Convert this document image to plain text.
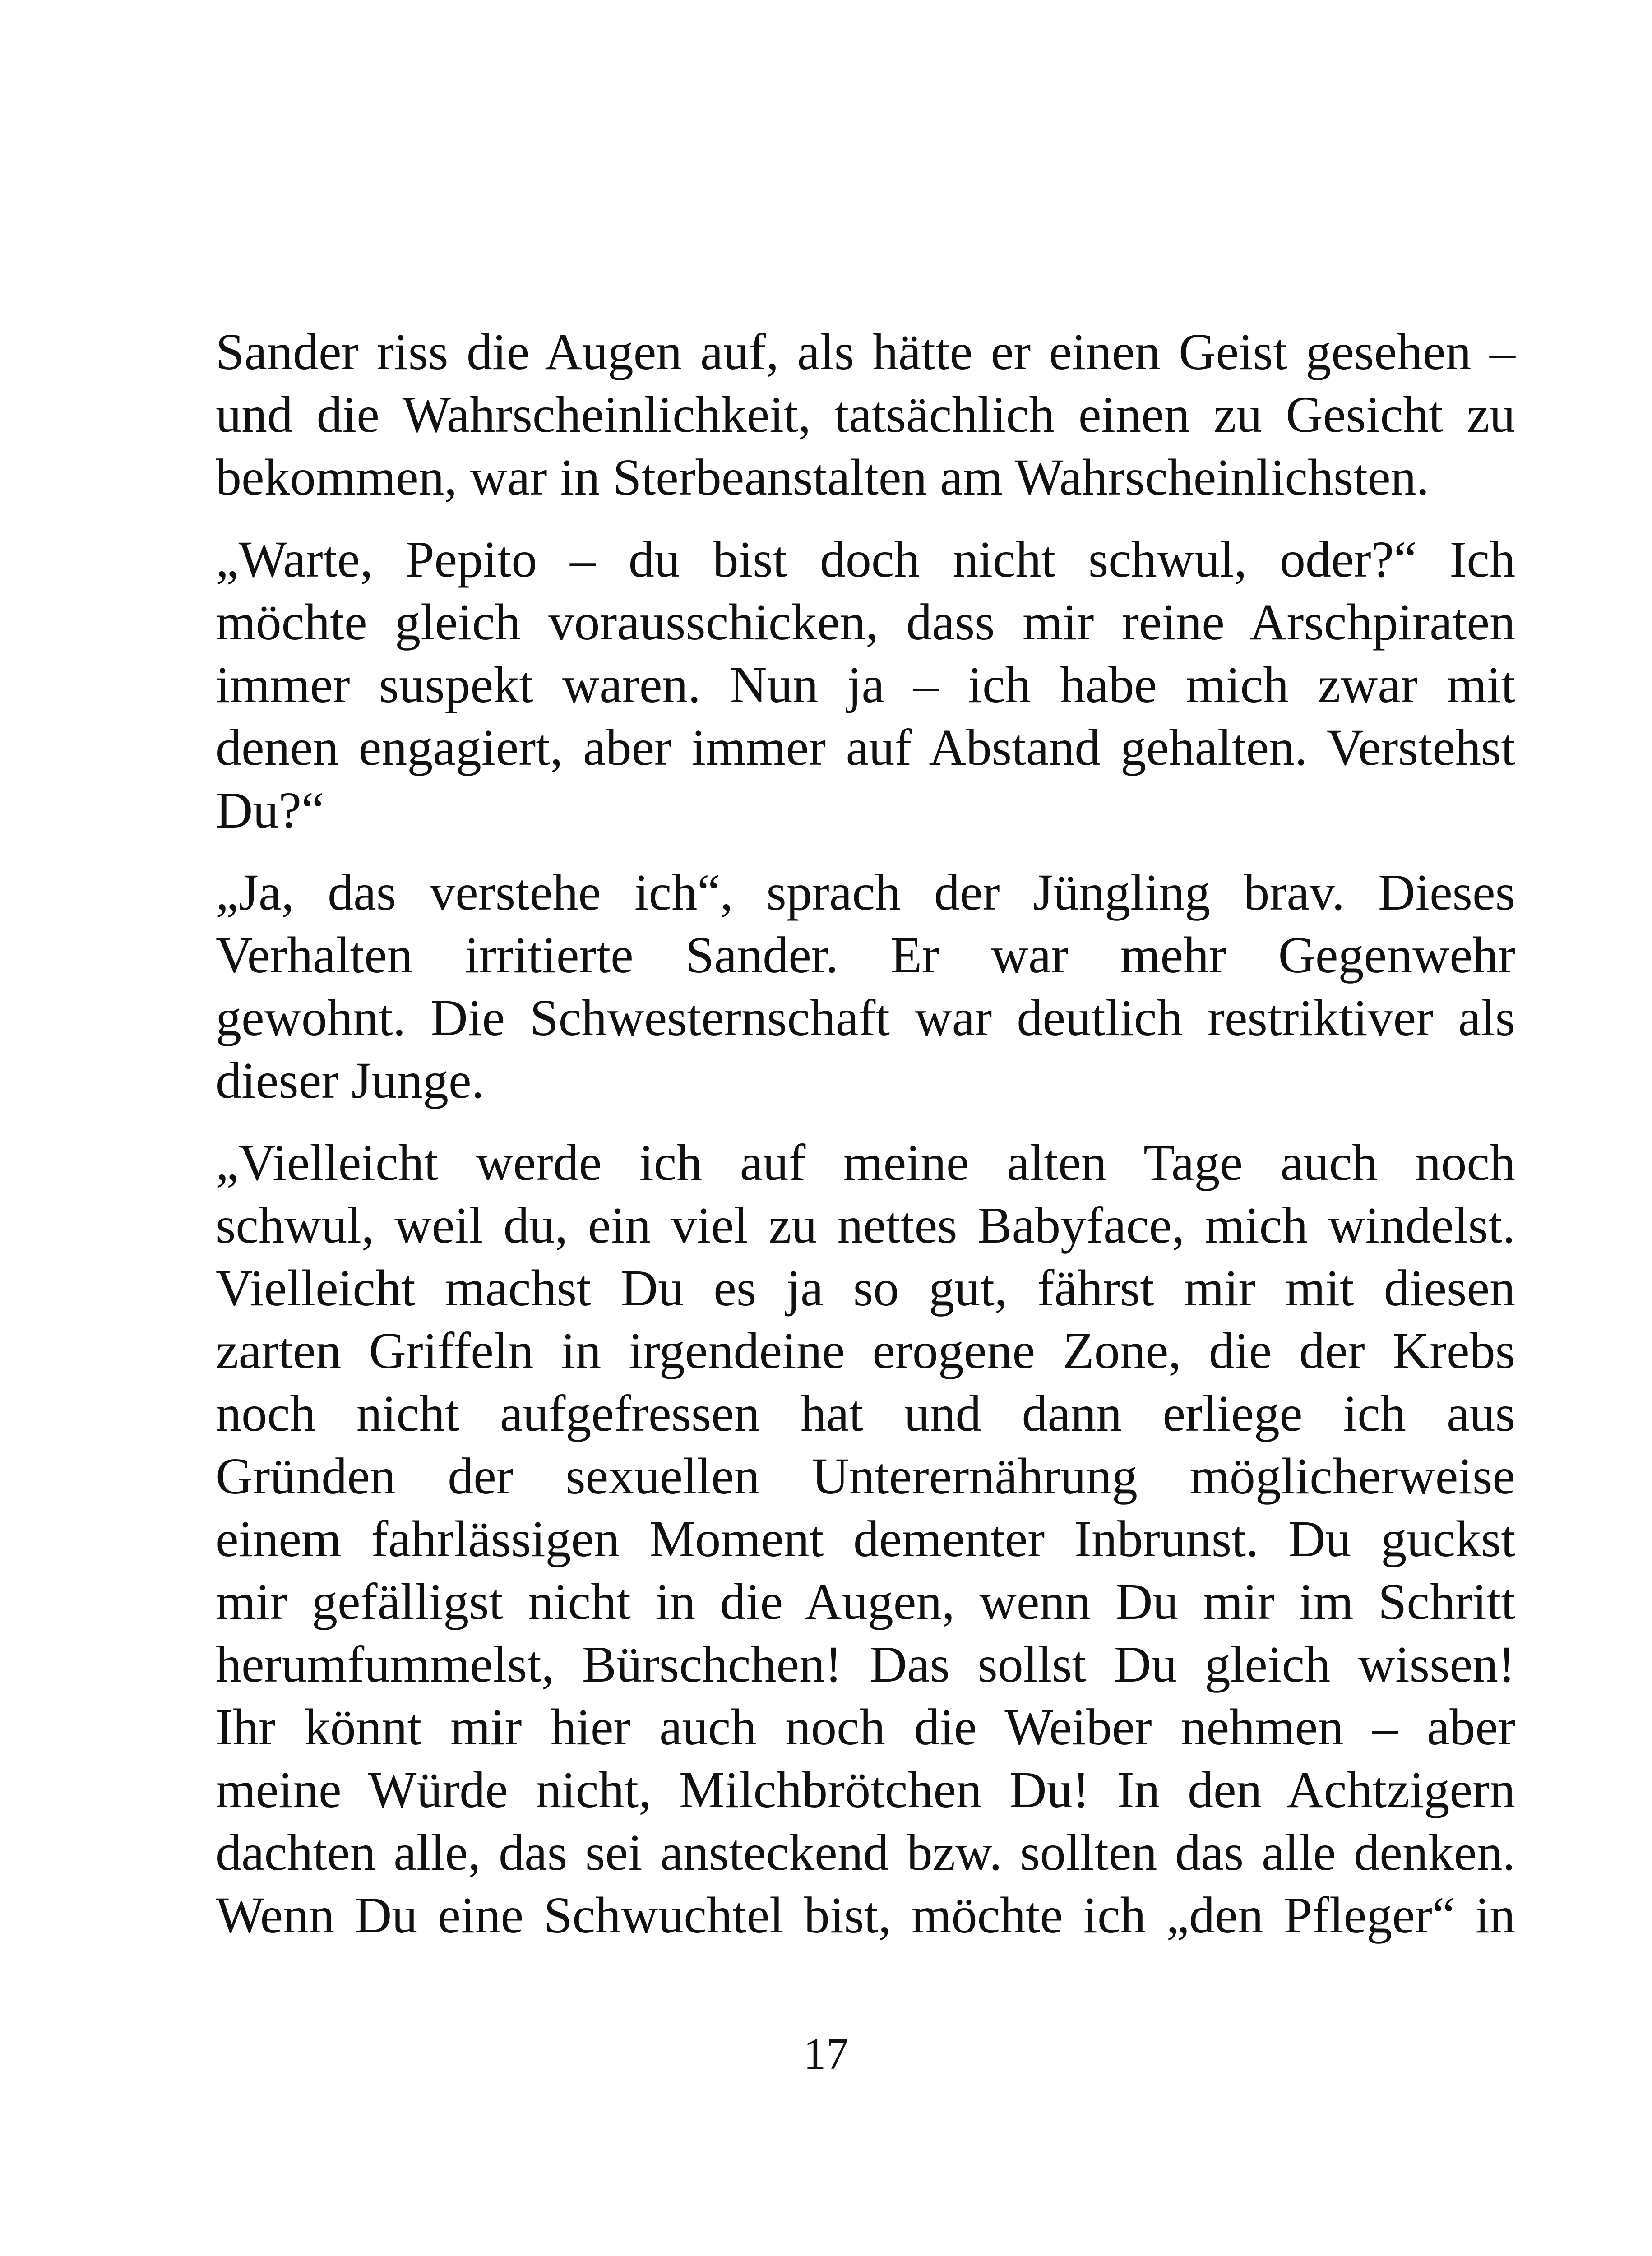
Sander riss die Augen auf, als hätte er einen Geist gesehen –
und die Wahrscheinlichkeit, tatsächlich einen zu Gesicht zu
bekommen, war in Sterbeanstalten am Wahrscheinlichsten.
„Warte, Pepito – du bist doch nicht schwul, oder?“ Ich
möchte gleich vorausschicken, dass mir reine Arschpiraten
immer suspekt waren. Nun ja – ich habe mich zwar mit
denen engagiert, aber immer auf Abstand gehalten. Verstehst
Du?“
„Ja, das verstehe ich“, sprach der Jüngling brav. Dieses
Verhalten irritierte Sander. Er war mehr Gegenwehr
gewohnt. Die Schwesternschaft war deutlich restriktiver als
dieser Junge.
„Vielleicht werde ich auf meine alten Tage auch noch
schwul, weil du, ein viel zu nettes Babyface, mich windelst.
Vielleicht machst Du es ja so gut, fährst mir mit diesen
zarten Griffeln in irgendeine erogene Zone, die der Krebs
noch nicht aufgefressen hat und dann erliege ich aus
Gründen der sexuellen Unterernährung möglicherweise
einem fahrlässigen Moment dementer Inbrunst. Du guckst
mir gefälligst nicht in die Augen, wenn Du mir im Schritt
herumfummelst, Bürschchen! Das sollst Du gleich wissen!
Ihr könnt mir hier auch noch die Weiber nehmen – aber
meine Würde nicht, Milchbrötchen Du! In den Achtzigern
dachten alle, das sei ansteckend bzw. sollten das alle denken.
Wenn Du eine Schwuchtel bist, möchte ich „den Pfleger“ in
17
